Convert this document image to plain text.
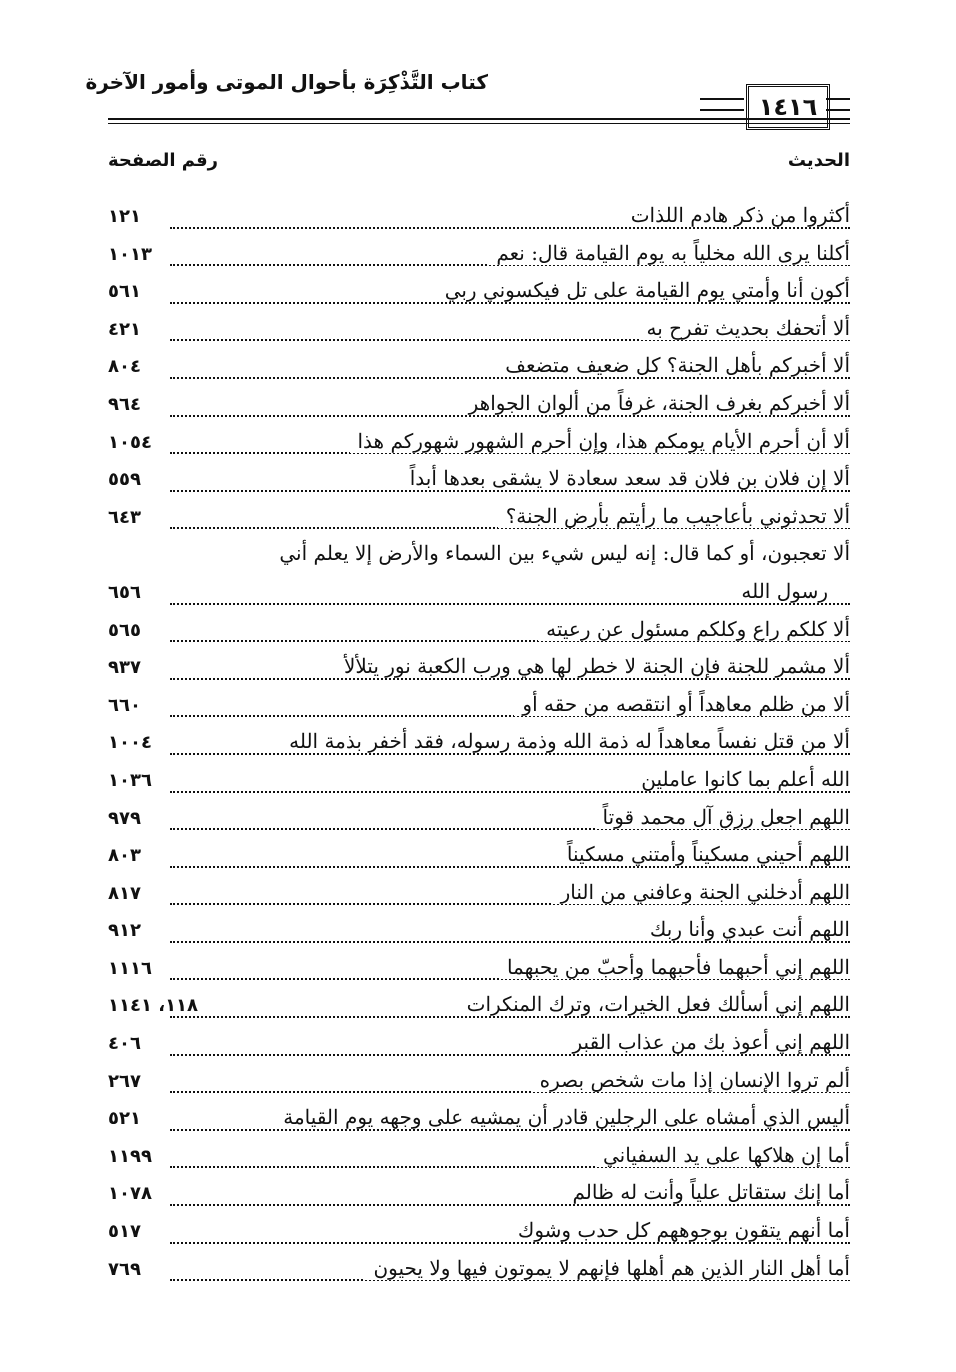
كتاب التَّذْكِرَة بأحوال الموتى وأمور الآخرة
١٤١٦
الحديث
رقم الصفحة
أكثروا من ذكر هادم اللذات
١٢١
أكلنا يرى الله مخلياً به يوم القيامة قال: نعم
١٠١٣
أكون أنا وأمتي يوم القيامة على تل فيكسوني ربي
٥٦١
ألا أتحفك بحديث تفرح به
٤٢١
ألا أخبركم بأهل الجنة؟ كل ضعيف متضعف
٨٠٤
ألا أخبركم بغرف الجنة، غرفاً من ألوان الجواهر
٩٦٤
ألا أن أحرم الأيام يومكم هذا، وإن أحرم الشهور شهوركم هذا
١٠٥٤
ألا إن فلان بن فلان قد سعد سعادة لا يشقى بعدها أبداً
٥٥٩
ألا تحدثوني بأعاجيب ما رأيتم بأرض الجنة؟
٦٤٣
ألا تعجبون، أو كما قال: إنه ليس شيء بين السماء والأرض إلا يعلم أني
رسول الله
٦٥٦
ألا كلكم راع وكلكم مسئول عن رعيته
٥٦٥
ألا مشمر للجنة فإن الجنة لا خطر لها هي ورب الكعبة نور يتلألأ
٩٣٧
ألا من ظلم معاهداً أو انتقصه من حقه أو
٦٦٠
ألا من قتل نفساً معاهداً له ذمة الله وذمة رسوله، فقد أخفر بذمة الله
١٠٠٤
الله أعلم بما كانوا عاملين
١٠٣٦
اللهم اجعل رزق آل محمد قوتاً
٩٧٩
اللهم أحيني مسكيناً وأمتني مسكيناً
٨٠٣
اللهم أدخلني الجنة وعافني من النار
٨١٧
اللهم أنت عبدي وأنا ربك
٩١٢
اللهم إني أحبهما فأحبهما وأحبّ من يحبهما
١١١٦
اللهم إني أسألك فعل الخيرات، وترك المنكرات
١١٨، ١١٤١
اللهم إني أعوذ بك من عذاب القبر
٤٠٦
ألم تروا الإنسان إذا مات شخص بصره
٢٦٧
أليس الذي أمشاه على الرجلين قادر أن يمشيه على وجهه يوم القيامة
٥٢١
أما إن هلاكها على يد السفياني
١١٩٩
أما إنك ستقاتل علياً وأنت له ظالم
١٠٧٨
أما أنهم يتقون بوجوههم كل حدب وشوك
٥١٧
أما أهل النار الذين هم أهلها فإنهم لا يموتون فيها ولا يحيون
٧٦٩
